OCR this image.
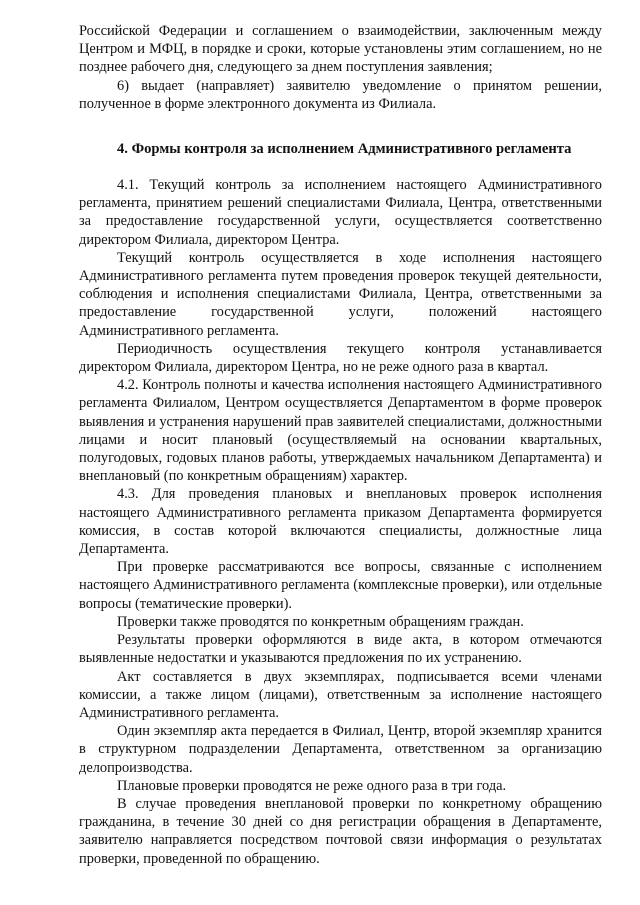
Российской Федерации и соглашением о взаимодействии, заключенным между Центром и МФЦ, в порядке и сроки, которые установлены этим соглашением, но не позднее рабочего дня, следующего за днем поступления заявления;

6) выдает (направляет) заявителю уведомление о принятом решении, полученное в форме электронного документа из Филиала.

4. Формы контроля за исполнением Административного регламента

4.1. Текущий контроль за исполнением настоящего Административного регламента, принятием решений специалистами Филиала, Центра, ответственными за предоставление государственной услуги, осуществляется соответственно директором Филиала, директором Центра.

Текущий контроль осуществляется в ходе исполнения настоящего Административного регламента путем проведения проверок текущей деятельности, соблюдения и исполнения специалистами Филиала, Центра, ответственными за предоставление государственной услуги, положений настоящего Административного регламента.

Периодичность осуществления текущего контроля устанавливается директором Филиала, директором Центра, но не реже одного раза в квартал.

4.2. Контроль полноты и качества исполнения настоящего Административного регламента Филиалом, Центром осуществляется Департаментом в форме проверок выявления и устранения нарушений прав заявителей специалистами, должностными лицами и носит плановый (осуществляемый на основании квартальных, полугодовых, годовых планов работы, утверждаемых начальником Департамента) и внеплановый (по конкретным обращениям) характер.

4.3. Для проведения плановых и внеплановых проверок исполнения настоящего Административного регламента приказом Департамента формируется комиссия, в состав которой включаются специалисты, должностные лица Департамента.

При проверке рассматриваются все вопросы, связанные с исполнением настоящего Административного регламента (комплексные проверки), или отдельные вопросы (тематические проверки).

Проверки также проводятся по конкретным обращениям граждан.

Результаты проверки оформляются в виде акта, в котором отмечаются выявленные недостатки и указываются предложения по их устранению.

Акт составляется в двух экземплярах, подписывается всеми членами комиссии, а также лицом (лицами), ответственным за исполнение настоящего Административного регламента.

Один экземпляр акта передается в Филиал, Центр, второй экземпляр хранится в структурном подразделении Департамента, ответственном за организацию делопроизводства.

Плановые проверки проводятся не реже одного раза в три года.

В случае проведения внеплановой проверки по конкретному обращению гражданина, в течение 30 дней со дня регистрации обращения в Департаменте, заявителю направляется посредством почтовой связи информация о результатах проверки, проведенной по обращению.
